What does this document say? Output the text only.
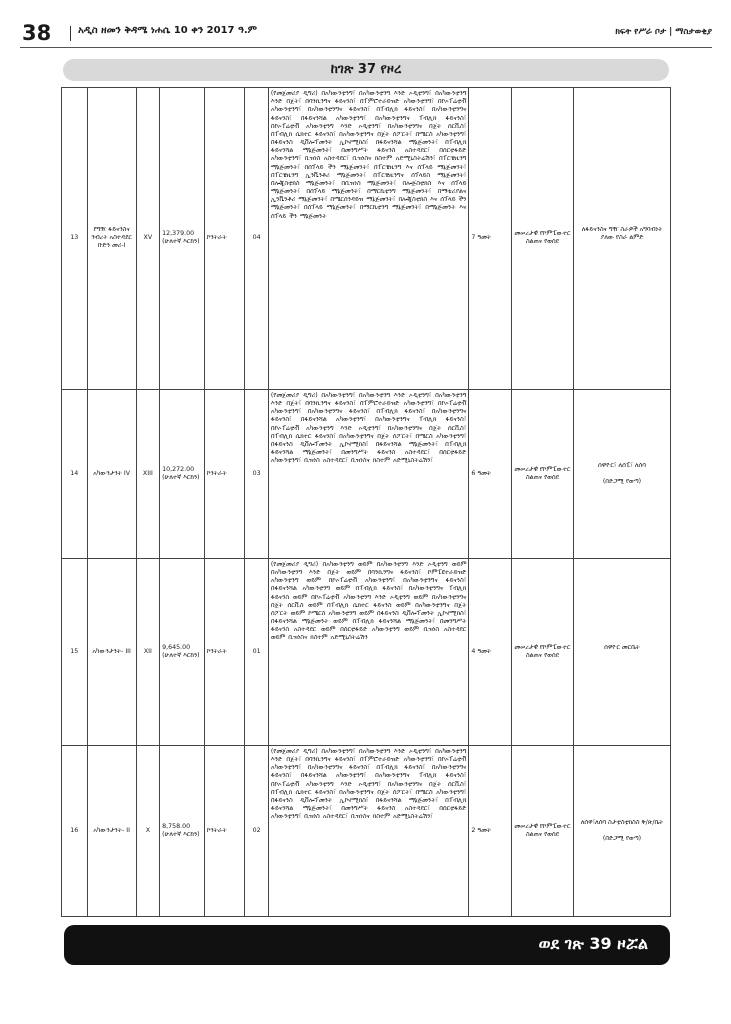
38	አዲስ ዘመን ቅዳሜ ነሐሴ 10 ቀን 2017 ዓ.ም	ክፍት የሥራ ቦታ | ማስታወቂያ
ከገጽ 37 የዞረ
13	የግዥ ፋይናንስና ንብረት አስተዳደር ቡድን መሪ-I	XV	12,379.00 (ሁለተኛ እርከን)	ኮንትራት	04	(የመጀመሪያ ዲግሪ) በአካውንቲንግ፣ በአካውንቲንግ እንድ ኦዲቲንግ፣ በአካውንቲንግ እንድ በጀት፣ በባንኪንግና ፋይናንስ፣ በፐምሮተራይዝድ አካውንቲንግ፣ በኮኦፐሬቲቭ አካውንቲንግ፣ በአካውንቲንግና ፋይናንስ፣ በፐብሊክ ፋይናንስ፣ በአካውንቲንግና ፋይናንስ፣ በፋይናንሻል አካውንቲንግ፣ በአካውንቲንግና ፐብሊክ ፋይናንስ፣ በኮኦፐሬቲቭ አካውንቲንግ እንድ ኦዲቲንግ፣ በአካውንቲንግና በጀት ሰርቪስ፣ በፐብሊክ ሴክተር ፋይናንስ፣ በአካውንቲንግና በጀት ሰፖርት፣ በሜርስ አካውንቲንግ፣ በፋይናንስ ዲቨሎፕመንት ኢኮኖሚክስ፣ በፋይናንሻል ማኔጅመንት፣ በፐብሊክ ፋይናንሻል ማኔጅመንት፣ በመንግሥት ፋይናንስ አስተዳደር፣ በሰርቲፋይድ አካውንቲንግ፣ ቢዝነስ አስተዳደር፣ ቢዝነስና ክስተም አድሚኒስትሬሽን፣ በፐርቼዚንግ ማኔጅመንት፣ በሰፕላይ ችን ማኔጅመንት፣ በፐርቼዚንግ እና ሰፕላይ ማኔጅመንት፣ በፐርቼዚንግ ኢንቬንቶሪ ማኔጅመንት፣ በፐርቼዚንግና ሰፕላይስ ማኔጅመንት፣ በሎጂስቲክስ ማኔጅመንት፣ በቢዝነስ ማኔጅመንት፣ በሎጅስቲክስ እና ሰፕላይ ማኔጅመንት፣ በሰፕላይ ማኔጅመንት፣ በማርኬቲንግ ማኔጅመንት፣ በማቴሪያልና ኢንቬንቶሪ ማኔጅመንት፣ በሜርሰንዳይዝ ማኔጅመንት፣ በሎጂስቲክስ እና ሰፕላይ ችን ማኔጅመንት፣ በሰፕላይ ማኔጅመንት፣ በማርኬቲንግ ማኔጅመንት፣ በማኔጅመንት እና ሰፕላይ ችን ማኔጅመንት	7 ዓመት	መሠረታዊ የኮምፒውተር ስልጠና የወሰደ	ለፋይናንስና ግዥ ስራዎች አግባብነት ያለው የስራ ልምድ

14	አካውንታንት IV	XIII	10,272.00 (ሁለተኛ እርከን)	ኮንትራት	03	(የመጀመሪያ ዲግሪ) በአካውንቲንግ፣ በአካውንቲንግ እንድ ኦዲቲንግ፣ በአካውንቲንግ እንድ በጀት፣ በባንኪንግና ፋይናንስ፣ በፐምሮተራይዝድ አካውንቲንግ፣ በኮኦፐሬቲቭ አካውንቲንግ፣ በአካውንቲንግና ፋይናንስ፣ በፐብሊክ ፋይናንስ፣ በአካውንቲንግና ፋይናንስ፣ በፋይናንሻል አካውንቲንግ፣ በአካውንቲንግና ፐብሊክ ፋይናንስ፣ በኮኦፐሬቲቭ አካውንቲንግ እንድ ኦዲቲንግ፣ በአካውንቲንግና በጀት ሰርቪስ፣ በፐብሊክ ሴክተር ፋይናንስ፣ በአካውንቲንግና በጀት ሰፖርት፣ በሜርስ አካውንቲንግ፣ በፋይናንስ ዲቨሎፕመንት ኢኮኖሚክስ፣ በፋይናንሻል ማኔጅመንት፣ በፐብሊክ ፋይናንሻል ማኔጅመንት፣ በመንግሥት ፋይናንስ አስተዳደር፣ በሰርቲፋይድ አካውንቲንግ፣ ቢዝነስ አስተዳደር፣ ቢዝነስና ክስተም አድሚኒስትሬሽን፣	6 ዓመት	መሠረታዊ የኮምፒውተር ስልጠና የወሰደ	ሰዋዮር፣ ለሰፒ፣ ለሰባ
(በድጋሚ የወጣ)

15	አካውንታንት- III	XII	9,645.00 (ሁለተኛ እርከን)	ኮንትራት	01	(የመጀመሪያ ዲግሪ) በአካውንቲንግ ወይም በአካውንቲንግ እንድ ኦዲቲንግ ወይም በአካውንቲንግ እንድ በጀት ወይም በባንኪንግና ፋይናንስ፣ ኮምፒዩተራይዝድ አካውንቲንግ ወይም በኮኦፐሬቲቭ አካውንቲንግ፣ በአካውንቲንግና ፋይናንስ፣ በፋይናንሻል አካውንቲንግ ወይም በፐብሊክ ፋይናንስ፣ በአካውንቲንግና ፐብሊክ ፋይናንስ ወይም በኮኦፐሬቲቭ አካውንቲንግ እንድ ኦዲቲንግ ወይም በአካውንቲንግና በጀት ሰርቪስ ወይም በፐብሊክ ሴክተር ፋይናንስ ወይም በአካውንቲንግና በጀት ሰፖርት ወይም ኮሜርስ አካውንቲንግ ወይም በፋይናንስ ዲቨሎፕመንት ኢኮኖሚክስ፣ በፋይናንሻል ማኔጅመንት ወይም በፐብሊክ ፋይናንሻል ማኔጅመንት፣ በመንግሥት ፋይናንስ አስተዳደር ወይም በሰርቲፋይድ አካውንቲንግ ወይም ቢዝነስ አስተዳደር ወይም ቢዝነስና ክስተም አድሚኒስትሬሽን	4 ዓመት	መሠረታዊ የኮምፒውተር ስልጠና የወሰደ	ሰዋዮር መርቤት

16	አካውንታንት- II	X	8,758.00 (ሁለተኛ እርከን)	ኮንትራት	02	(የመጀመሪያ ዲግሪ) በአካውንቲንግ፣ በአካውንቲንግ እንድ ኦዲቲንግ፣ በአካውንቲንግ እንድ በጀት፣ በባንኪንግና ፋይናንስ፣ በፐምሮተራይዝድ አካውንቲንግ፣ በኮኦፐሬቲቭ አካውንቲንግ፣ በአካውንቲንግና ፋይናንስ፣ በፐብሊክ ፋይናንስ፣ በአካውንቲንግና ፋይናንስ፣ በፋይናንሻል አካውንቲንግ፣ በአካውንቲንግና ፐብሊክ ፋይናንስ፣ በኮኦፐሬቲቭ አካውንቲንግ እንድ ኦዲቲንግ፣ በአካውንቲንግና በጀት ሰርቪስ፣ በፐብሊክ ሴክተር ፋይናንስ፣ በአካውንቲንግና በጀት ሰፖርት፣ በሜርስ አካውንቲንግ፣ በፋይናንስ ዲቨሎፕመንት ኢኮኖሚክስ፣ በፋይናንሻል ማኔጅመንት፣ በፐብሊክ ፋይናንሻል ማኔጅመንት፣ በመንግሥት ፋይናንስ አስተዳደር፣ በሰርቲፋይድ አካውንቲንግ፣ ቢዝነስ አስተዳደር፣ ቢዝነስና ክስተም አድሚኒስትሬሽን፣	2 ዓመት	መሠረታዊ የኮምፒውተር ስልጠና የወሰደ	ለሰዋ፣ለሰባ ስታቲስቲክስስ ቅ/ጽ/ቤት
(በድጋሚ የወጣ)
ወደ ገጽ 39 ዞሯል
